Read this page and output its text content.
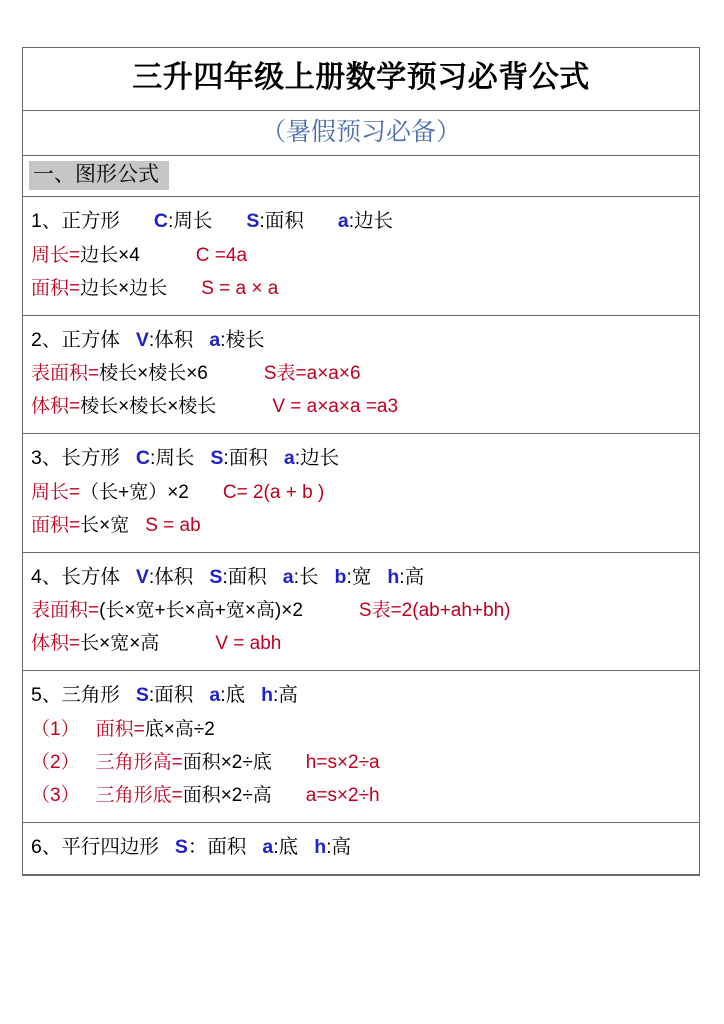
三升四年级上册数学预习必背公式
（暑假预习必备）
一、图形公式
1、正方形 C:周长 S:面积 a:边长
周长=边长×4	C =4a
面积=边长×边长 S = a × a
2、正方体 V:体积 a:棱长
表面积=棱长×棱长×6	S表=a×a×6
体积=棱长×棱长×棱长	V = a×a×a =a3
3、长方形 C:周长 S:面积 a:边长
周长=（长+宽）×2 C= 2(a + b )
面积=长×宽 S = ab
4、长方体 V:体积 S:面积 a:长 b:宽 h:高
表面积=(长×宽+长×高+宽×高)×2	S表=2(ab+ah+bh)
体积=长×宽×高	V = abh
5、三角形 S:面积 a:底 h:高
（1） 面积=底×高÷2
（2） 三角形高=面积×2÷底 h=s×2÷a
（3） 三角形底=面积×2÷高 a=s×2÷h
6、平行四边形 S：面积 a:底 h:高
